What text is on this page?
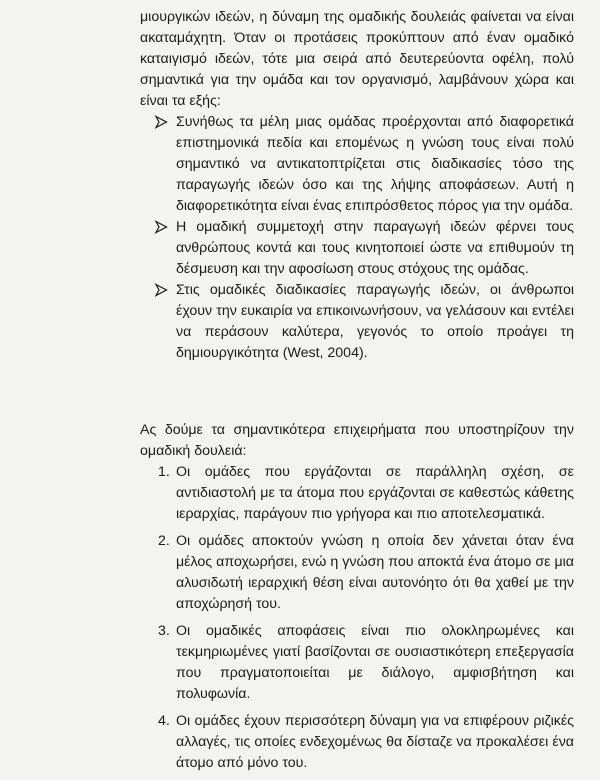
μιουργικών ιδεών, η δύναμη της ομαδικής δουλειάς φαίνεται να είναι ακαταμάχητη. Όταν οι προτάσεις προκύπτουν από έναν ομαδικό καταιγισμό ιδεών, τότε μια σειρά από δευτερεύοντα οφέλη, πολύ σημαντικά για την ομάδα και τον οργανισμό, λαμβάνουν χώρα και είναι τα εξής:

Συνήθως τα μέλη μιας ομάδας προέρχονται από διαφορετικά επιστημονικά πεδία και επομένως η γνώση τους είναι πολύ σημαντικό να αντικατοπτρίζεται στις διαδικασίες τόσο της παραγωγής ιδεών όσο και της λήψης αποφάσεων. Αυτή η διαφορετικότητα είναι ένας επιπρόσθετος πόρος για την ομάδα.
Η ομαδική συμμετοχή στην παραγωγή ιδεών φέρνει τους ανθρώπους κοντά και τους κινητοποιεί ώστε να επιθυμούν τη δέσμευση και την αφοσίωση στους στόχους της ομάδας.
Στις ομαδικές διαδικασίες παραγωγής ιδεών, οι άνθρωποι έχουν την ευκαιρία να επικοινωνήσουν, να γελάσουν και εντέλει να περάσουν καλύτερα, γεγονός το οποίο προάγει τη δημιουργικότητα (West, 2004).

Ας δούμε τα σημαντικότερα επιχειρήματα που υποστηρίζουν την ομαδική δουλειά:

1. Οι ομάδες που εργάζονται σε παράλληλη σχέση, σε αντιδιαστολή με τα άτομα που εργάζονται σε καθεστώς κάθετης ιεραρχίας, παράγουν πιο γρήγορα και πιο αποτελεσματικά.
2. Οι ομάδες αποκτούν γνώση η οποία δεν χάνεται όταν ένα μέλος αποχωρήσει, ενώ η γνώση που αποκτά ένα άτομο σε μια αλυσιδωτή ιεραρχική θέση είναι αυτονόητο ότι θα χαθεί με την αποχώρησή του.
3. Οι ομαδικές αποφάσεις είναι πιο ολοκληρωμένες και τεκμηριωμένες γιατί βασίζονται σε ουσιαστικότερη επεξεργασία που πραγματοποιείται με διάλογο, αμφισβήτηση και πολυφωνία.
4. Οι ομάδες έχουν περισσότερη δύναμη για να επιφέρουν ριζικές αλλαγές, τις οποίες ενδεχομένως θα δίσταζε να προκαλέσει ένα άτομο από μόνο του.
